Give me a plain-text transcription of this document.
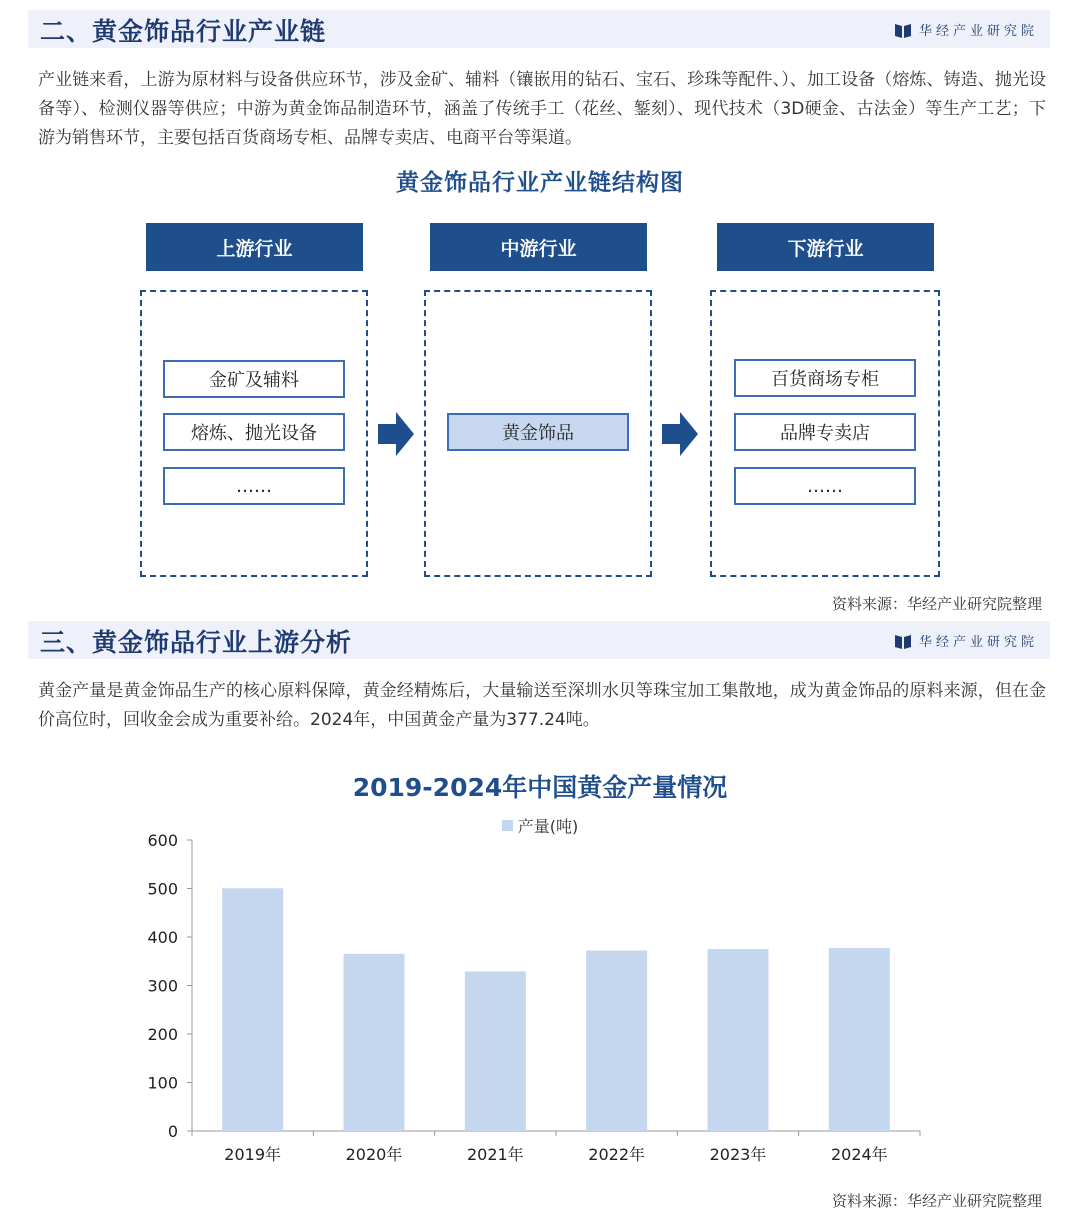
二、黄金饰品行业产业链	华经产业研究院
产业链来看，上游为原材料与设备供应环节，涉及金矿、辅料（镶嵌用的钻石、宝石、珍珠等配件、）、加工设备（熔炼、铸造、抛光设备等）、检测仪器等供应；中游为黄金饰品制造环节，涵盖了传统手工（花丝、錾刻）、现代技术（3D硬金、古法金）等生产工艺；下游为销售环节，主要包括百货商场专柜、品牌专卖店、电商平台等渠道。
黄金饰品行业产业链结构图
上游行业	中游行业	下游行业
金矿及辅料
熔炼、抛光设备
……
黄金饰品
百货商场专柜
品牌专卖店
……
资料来源：华经产业研究院整理
三、黄金饰品行业上游分析	华经产业研究院
黄金产量是黄金饰品生产的核心原料保障，黄金经精炼后，大量输送至深圳水贝等珠宝加工集散地，成为黄金饰品的原料来源，但在金价高位时，回收金会成为重要补给。2024年，中国黄金产量为377.24吨。
2019-2024年中国黄金产量情况
产量(吨)
0
100
200
300
400
500
600
2019年	2020年	2021年	2022年	2023年	2024年
资料来源：华经产业研究院整理
